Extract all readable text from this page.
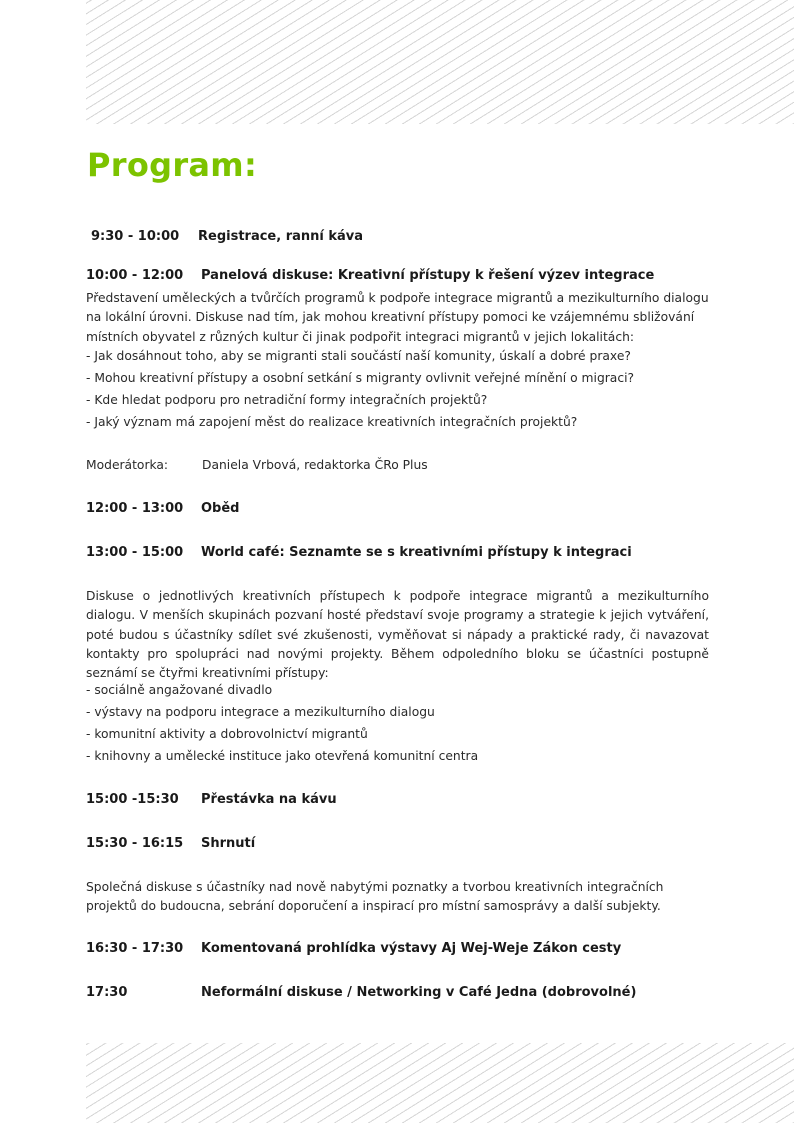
Program:
9:30 - 10:00 Registrace, ranní káva
10:00 - 12:00 Panelová diskuse: Kreativní přístupy k řešení výzev integrace

Představení uměleckých a tvůrčích programů k podpoře integrace migrantů a mezikulturního dialogu na lokální úrovni. Diskuse nad tím, jak mohou kreativní přístupy pomoci ke vzájemnému sbližování místních obyvatel z různých kultur či jinak podpořit integraci migrantů v jejich lokalitách:

- Jak dosáhnout toho, aby se migranti stali součástí naší komunity, úskalí a dobré praxe?
- Mohou kreativní přístupy a osobní setkání s migranty ovlivnit veřejné mínění o migraci?
- Kde hledat podporu pro netradiční formy integračních projektů?
- Jaký význam má zapojení měst do realizace kreativních integračních projektů?
Moderátorka:	Daniela Vrbová, redaktorka ČRo Plus
12:00 - 13:00 Oběd
13:00 - 15:00 World café: Seznamte se s kreativními přístupy k integraci

Diskuse o jednotlivých kreativních přístupech k podpoře integrace migrantů a mezikulturního dialogu. V menších skupinách pozvaní hosté představí svoje programy a strategie k jejich vytváření, poté budou s účastníky sdílet své zkušenosti, vyměňovat si nápady a praktické rady, či navazovat kontakty pro spolupráci nad novými projekty. Během odpoledního bloku se účastníci postupně seznámí se čtyřmi kreativními přístupy:

- sociálně angažované divadlo
- výstavy na podporu integrace a mezikulturního dialogu
- komunitní aktivity a dobrovolnictví migrantů
- knihovny a umělecké instituce jako otevřená komunitní centra
15:00 -15:30 Přestávka na kávu
15:30 - 16:15 Shrnutí

Společná diskuse s účastníky nad nově nabytými poznatky a tvorbou kreativních integračních projektů do budoucna, sebrání doporučení a inspirací pro místní samosprávy a další subjekty.

16:30 - 17:30 Komentovaná prohlídka výstavy Aj Wej-Weje Zákon cesty
17:30	Neformální diskuse / Networking v Café Jedna (dobrovolné)
